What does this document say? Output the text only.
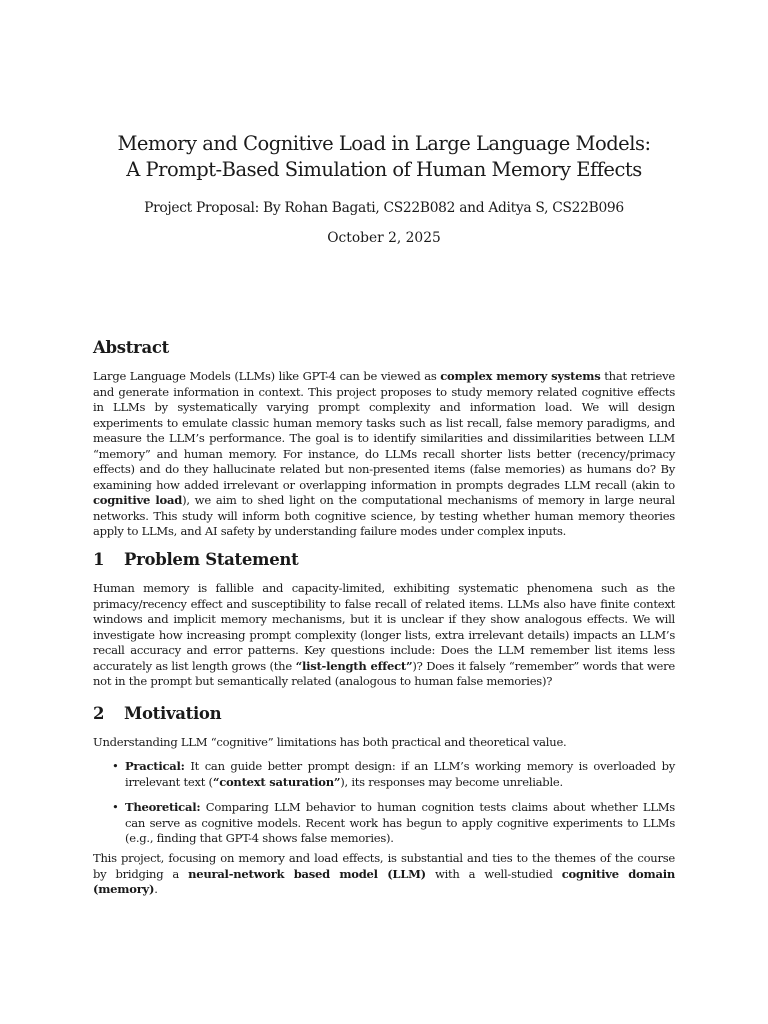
Memory and Cognitive Load in Large Language Models:
A Prompt-Based Simulation of Human Memory Effects
Project Proposal: By Rohan Bagati, CS22B082 and Aditya S, CS22B096
October 2, 2025
Abstract

Large Language Models (LLMs) like GPT-4 can be viewed as complex memory systems that retrieve and generate information in context. This project proposes to study memory related cognitive effects in LLMs by systematically varying prompt complexity and information load. We will design experiments to emulate classic human memory tasks such as list recall, false memory paradigms, and measure the LLM’s performance. The goal is to identify similarities and dissimilarities between LLM “memory” and human memory. For instance, do LLMs recall shorter lists better (recency/primacy effects) and do they hallucinate related but non-presented items (false memories) as humans do? By examining how added irrelevant or overlapping information in prompts degrades LLM recall (akin to cognitive load), we aim to shed light on the computational mechanisms of memory in large neural networks. This study will inform both cognitive science, by testing whether human memory theories apply to LLMs, and AI safety by understanding failure modes under complex inputs.

1 Problem Statement

Human memory is fallible and capacity-limited, exhibiting systematic phenomena such as the primacy/recency effect and susceptibility to false recall of related items. LLMs also have finite context windows and implicit memory mechanisms, but it is unclear if they show analogous effects. We will investigate how increasing prompt complexity (longer lists, extra irrelevant details) impacts an LLM’s recall accuracy and error patterns. Key questions include: Does the LLM remember list items less accurately as list length grows (the “list-length effect”)? Does it falsely “remember” words that were not in the prompt but semantically related (analogous to human false memories)?

2 Motivation

Understanding LLM “cognitive” limitations has both practical and theoretical value.

• Practical: It can guide better prompt design: if an LLM’s working memory is overloaded by irrelevant text (“context saturation”), its responses may become unreliable.
• Theoretical: Comparing LLM behavior to human cognition tests claims about whether LLMs can serve as cognitive models. Recent work has begun to apply cognitive experiments to LLMs (e.g., finding that GPT-4 shows false memories).

This project, focusing on memory and load effects, is substantial and ties to the themes of the course by bridging a neural-network based model (LLM) with a well-studied cognitive domain (memory).
